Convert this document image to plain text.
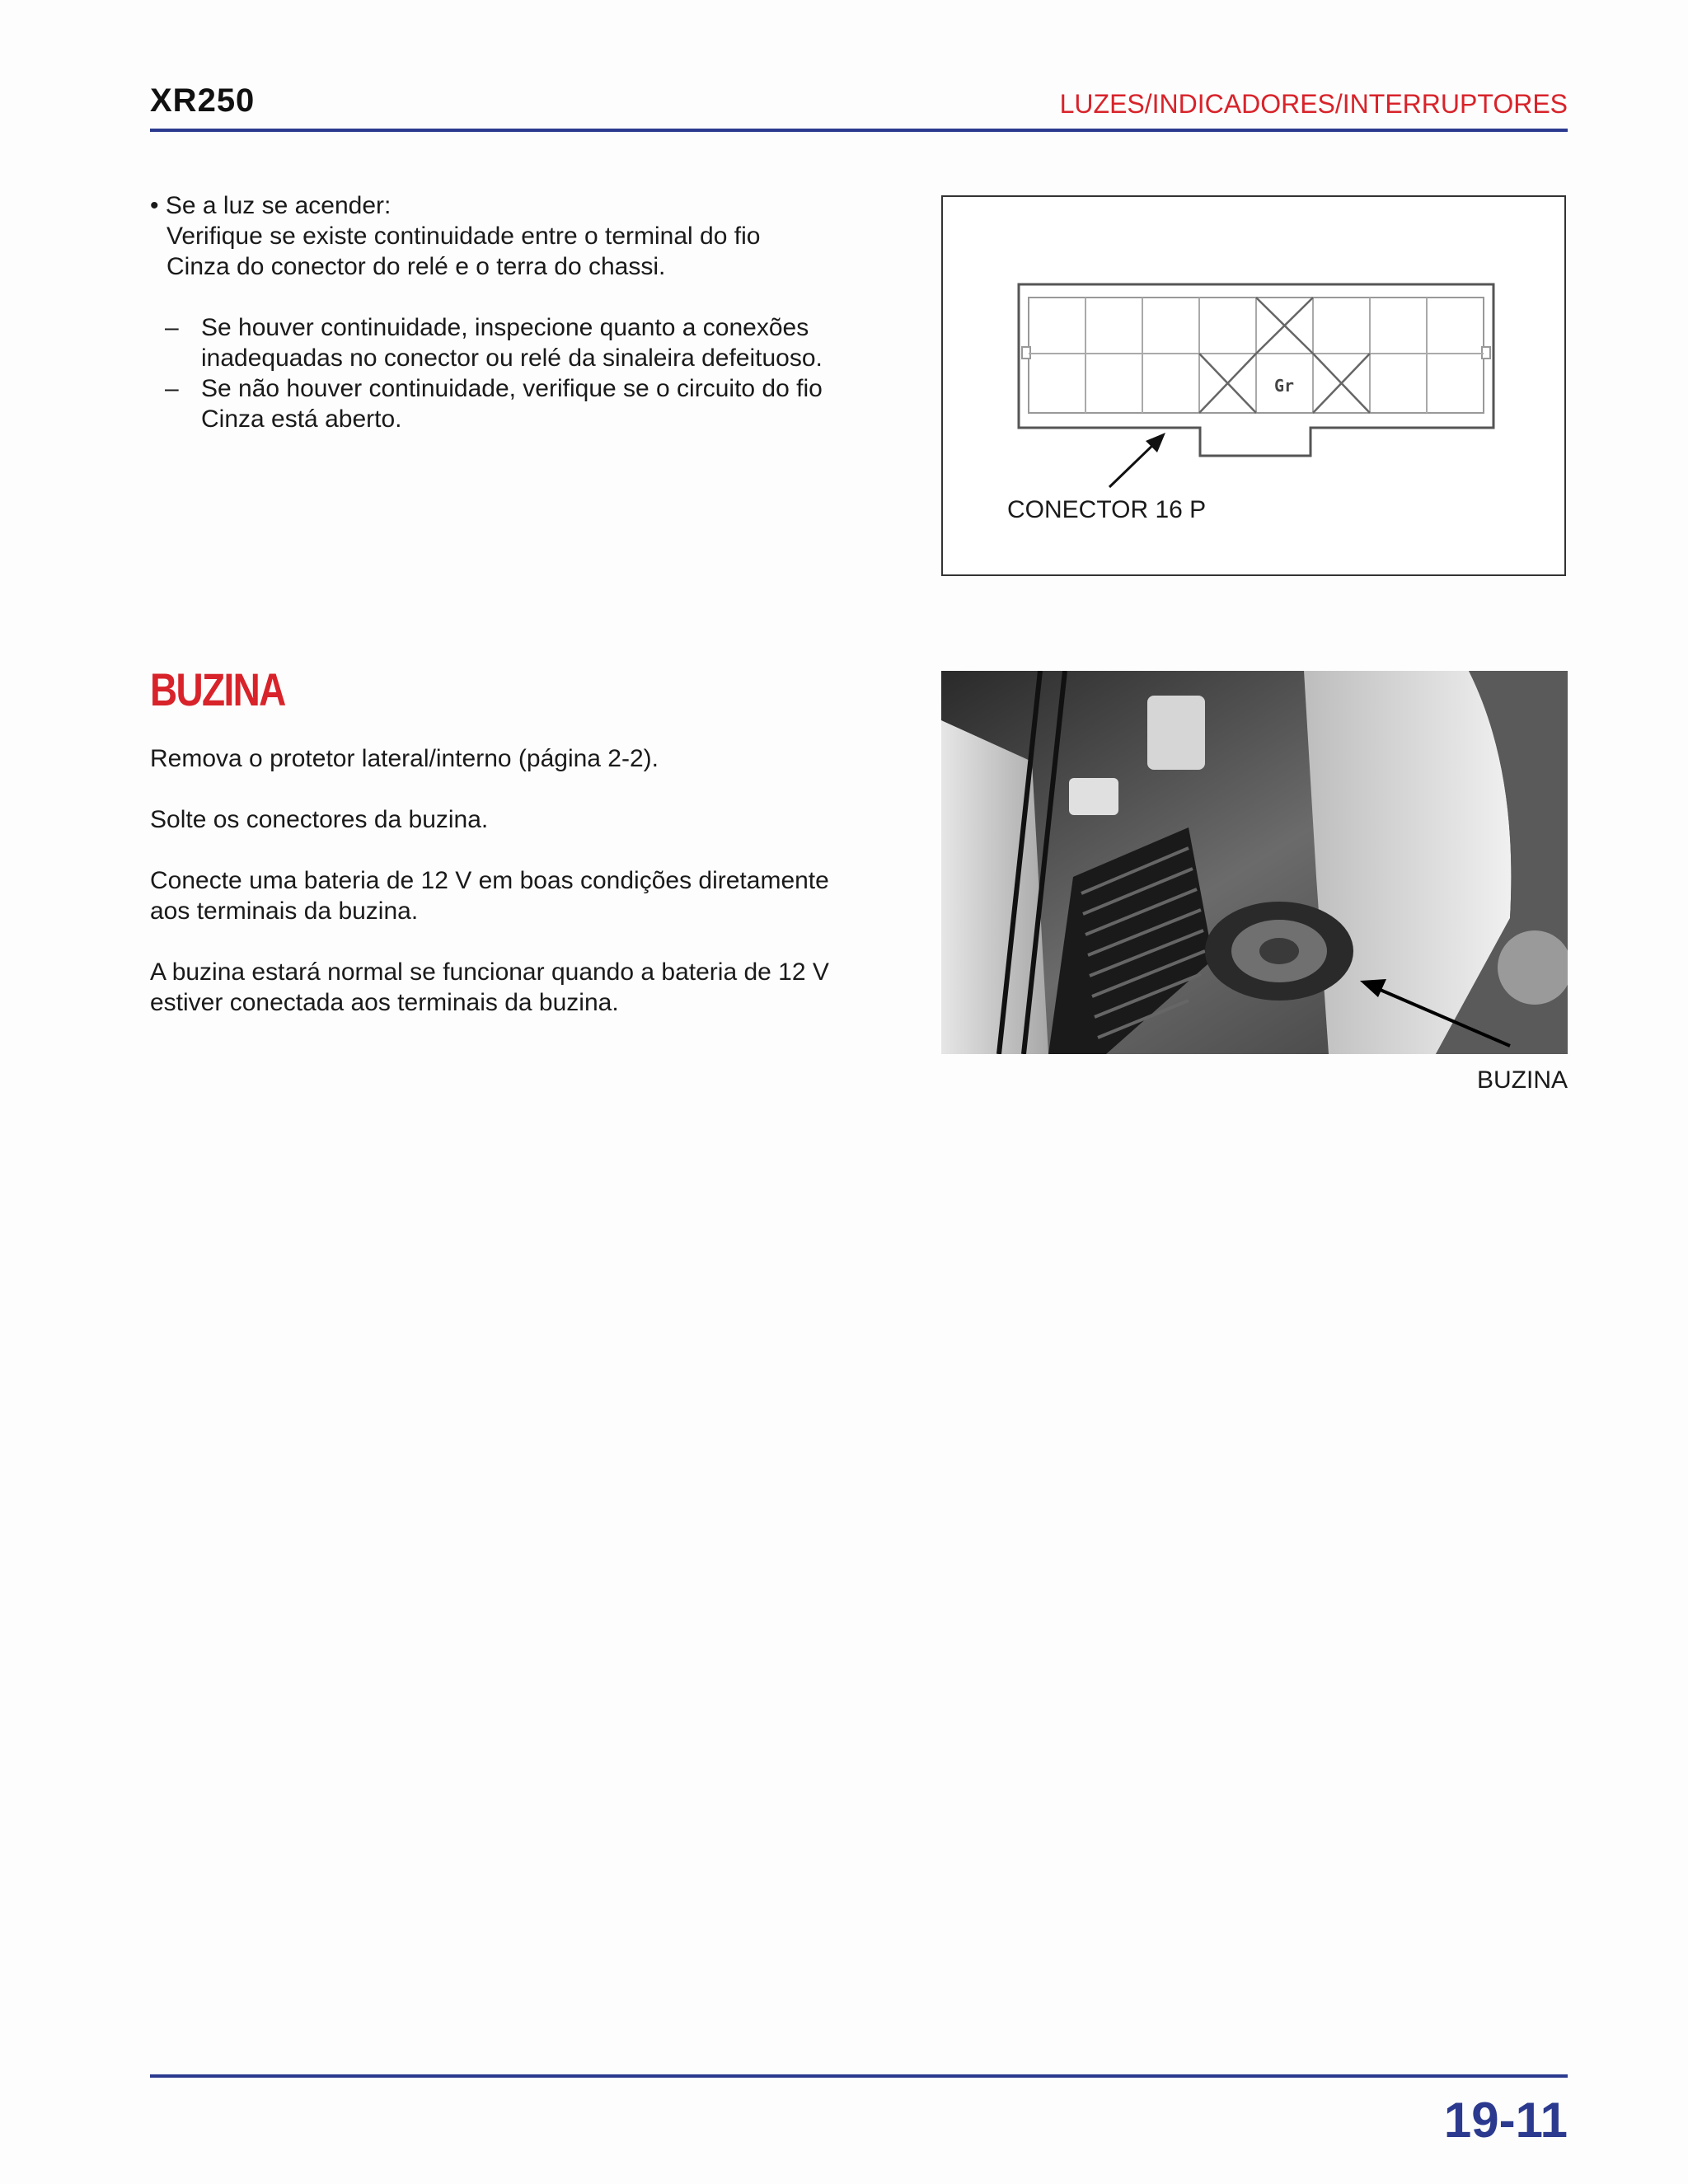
XR250	LUZES/INDICADORES/INTERRUPTORES

• Se a luz se acender:

Verifique se existe continuidade entre o terminal do fio

Cinza do conector do relé e o terra do chassi.

– Se houver continuidade, inspecione quanto a conexões

inadequadas no conector ou relé da sinaleira defeituoso.

– Se não houver continuidade, verifique se o circuito do fio

Cinza está aberto.

Gr
CONECTOR 16 P
BUZINA

Remova o protetor lateral/interno (página 2-2).

Solte os conectores da buzina.

Conecte uma bateria de 12 V em boas condições diretamente

aos terminais da buzina.

A buzina estará normal se funcionar quando a bateria de 12 V

estiver conectada aos terminais da buzina.

BUZINA
19-11
